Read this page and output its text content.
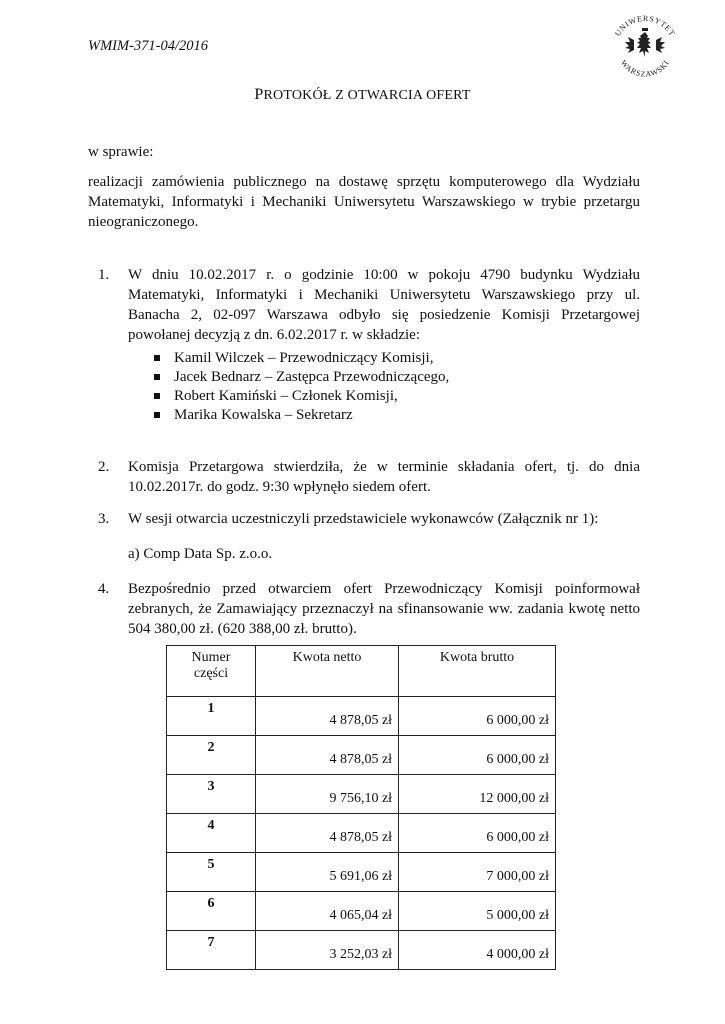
WMIM-371-04/2016
UNIWERSYTET
WARSZAWSKI
PROTOKÓŁ Z OTWARCIA OFERT
w sprawie:
realizacji zamówienia publicznego na dostawę sprzętu komputerowego dla Wydziału Matematyki, Informatyki i Mechaniki Uniwersytetu Warszawskiego w trybie przetargu nieograniczonego.
1.	W dniu 10.02.2017 r. o godzinie 10:00 w pokoju 4790 budynku Wydziału Matematyki, Informatyki i Mechaniki Uniwersytetu Warszawskiego przy ul. Banacha 2, 02-097 Warszawa odbyło się posiedzenie Komisji Przetargowej powołanej decyzją z dn. 6.02.2017 r. w składzie:
Kamil Wilczek – Przewodniczący Komisji,
Jacek Bednarz – Zastępca Przewodniczącego,
Robert Kamiński – Członek Komisji,
Marika Kowalska – Sekretarz
2.	Komisja Przetargowa stwierdziła, że w terminie składania ofert, tj. do dnia 10.02.2017r. do godz. 9:30 wpłynęło siedem ofert.
3.	W sesji otwarcia uczestniczyli przedstawiciele wykonawców (Załącznik nr 1):
a) Comp Data Sp. z.o.o.
4.	Bezpośrednio przed otwarciem ofert Przewodniczący Komisji poinformował zebranych, że Zamawiający przeznaczył na sfinansowanie ww. zadania kwotę netto 504 380,00 zł. (620 388,00 zł. brutto).
Numer
części	Kwota netto	Kwota brutto
1	4 878,05 zł	6 000,00 zł
2	4 878,05 zł	6 000,00 zł
3	9 756,10 zł	12 000,00 zł
4	4 878,05 zł	6 000,00 zł
5	5 691,06 zł	7 000,00 zł
6	4 065,04 zł	5 000,00 zł
7	3 252,03 zł	4 000,00 zł
